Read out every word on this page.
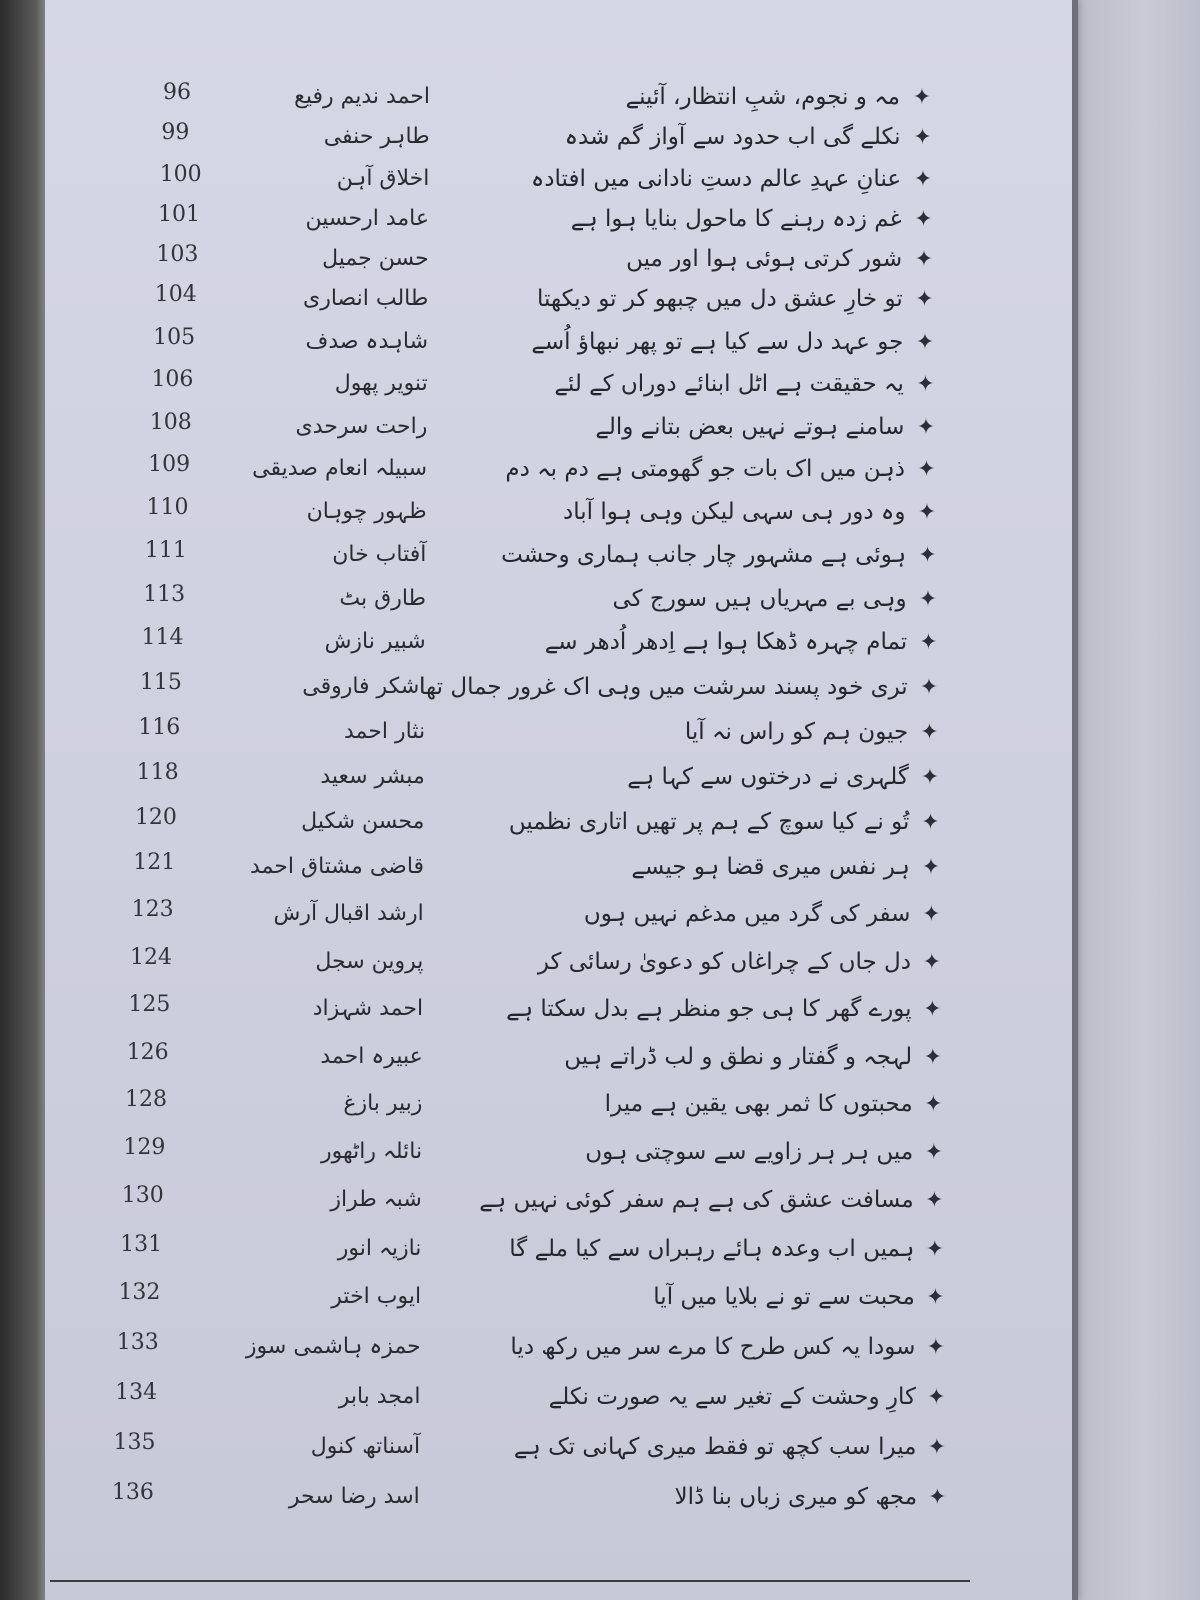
✦
مہ و نجوم، شبِ انتظار، آئینے
احمد ندیم رفیع
96
✦
نکلے گی اب حدود سے آواز گم شدہ
طاہر حنفی
99
✦
عنانِ عہدِ عالم دستِ نادانی میں افتادہ
اخلاق آہن
100
✦
غم زدہ رہنے کا ماحول بنایا ہوا ہے
عامد ارحسین
101
✦
شور کرتی ہوئی ہوا اور میں
حسن جمیل
103
✦
تو خارِ عشق دل میں چبھو کر تو دیکھتا
طالب انصاری
104
✦
جو عہد دل سے کیا ہے تو پھر نبھاؤ اُسے
شاہدہ صدف
105
✦
یہ حقیقت ہے اٹل ابنائے دوراں کے لئے
تنویر پھول
106
✦
سامنے ہوتے نہیں بعض بتانے والے
راحت سرحدی
108
✦
ذہن میں اک بات جو گھومتی ہے دم بہ دم
سبیلہ انعام صدیقی
109
✦
وہ دور ہی سہی لیکن وہی ہوا آباد
ظہور چوہان
110
✦
ہوئی ہے مشہور چار جانب ہماری وحشت
آفتاب خان
111
✦
وہی بے مہریاں ہیں سورج کی
طارق بٹ
113
✦
تمام چہرہ ڈھکا ہوا ہے اِدھر اُدھر سے
شبیر نازش
114
✦
تری خود پسند سرشت میں وہی اک غرور جمال تھا
اشکر فاروقی
115
✦
جیون ہم کو راس نہ آیا
نثار احمد
116
✦
گلہری نے درختوں سے کہا ہے
مبشر سعید
118
✦
تُو نے کیا سوچ کے ہم پر تھیں اتاری نظمیں
محسن شکیل
120
✦
ہر نفس میری قضا ہو جیسے
قاضی مشتاق احمد
121
✦
سفر کی گرد میں مدغم نہیں ہوں
ارشد اقبال آرش
123
✦
دل جاں کے چراغاں کو دعویٰ رسائی کر
پروین سجل
124
✦
پورے گھر کا ہی جو منظر ہے بدل سکتا ہے
احمد شہزاد
125
✦
لہجہ و گفتار و نطق و لب ڈراتے ہیں
عبیرہ احمد
126
✦
محبتوں کا ثمر بھی یقین ہے میرا
زبیر بازغ
128
✦
میں ہر ہر زاویے سے سوچتی ہوں
نائلہ راٹھور
129
✦
مسافت عشق کی ہے ہم سفر کوئی نہیں ہے
شبہ طراز
130
✦
ہمیں اب وعدہ ہائے رہبراں سے کیا ملے گا
نازیہ انور
131
✦
محبت سے تو نے بلایا میں آیا
ایوب اختر
132
✦
سودا یہ کس طرح کا مرے سر میں رکھ دیا
حمزہ ہاشمی سوز
133
✦
کارِ وحشت کے تغیر سے یہ صورت نکلے
امجد بابر
134
✦
میرا سب کچھ تو فقط میری کہانی تک ہے
آسناتھ کنول
135
✦
مجھ کو میری زباں بنا ڈالا
اسد رضا سحر
136
